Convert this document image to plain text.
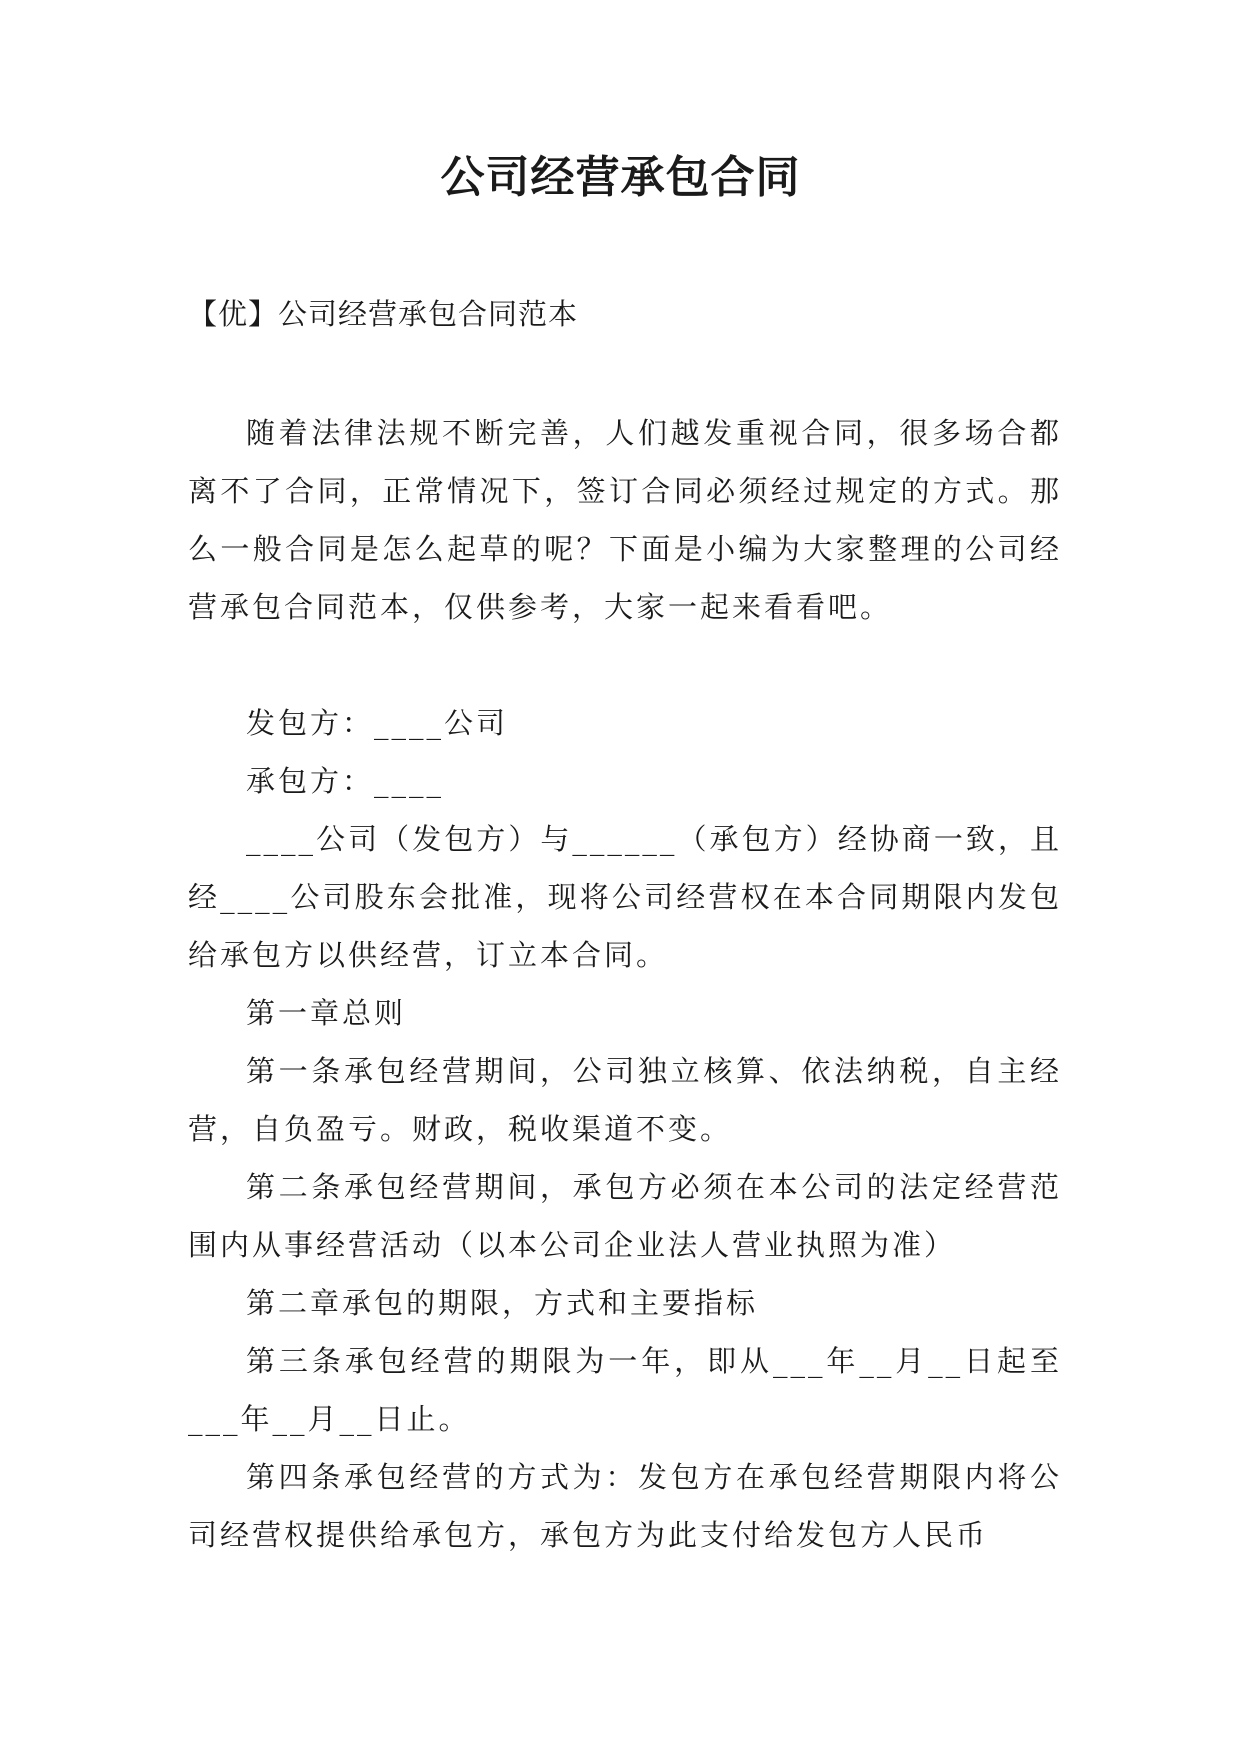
公司经营承包合同
【优】公司经营承包合同范本

随着法律法规不断完善，人们越发重视合同，很多场合都离不了合同，正常情况下，签订合同必须经过规定的方式。那么一般合同是怎么起草的呢？下面是小编为大家整理的公司经营承包合同范本，仅供参考，大家一起来看看吧。

发包方：____公司

承包方：____

____公司（发包方）与______（承包方）经协商一致，且经____公司股东会批准，现将公司经营权在本合同期限内发包给承包方以供经营，订立本合同。

第一章总则

第一条承包经营期间，公司独立核算、依法纳税，自主经营，自负盈亏。财政，税收渠道不变。

第二条承包经营期间，承包方必须在本公司的法定经营范围内从事经营活动（以本公司企业法人营业执照为准）

第二章承包的期限，方式和主要指标

第三条承包经营的期限为一年，即从___年__月__日起至___年__月__日止。

第四条承包经营的方式为：发包方在承包经营期限内将公司经营权提供给承包方，承包方为此支付给发包方人民币
